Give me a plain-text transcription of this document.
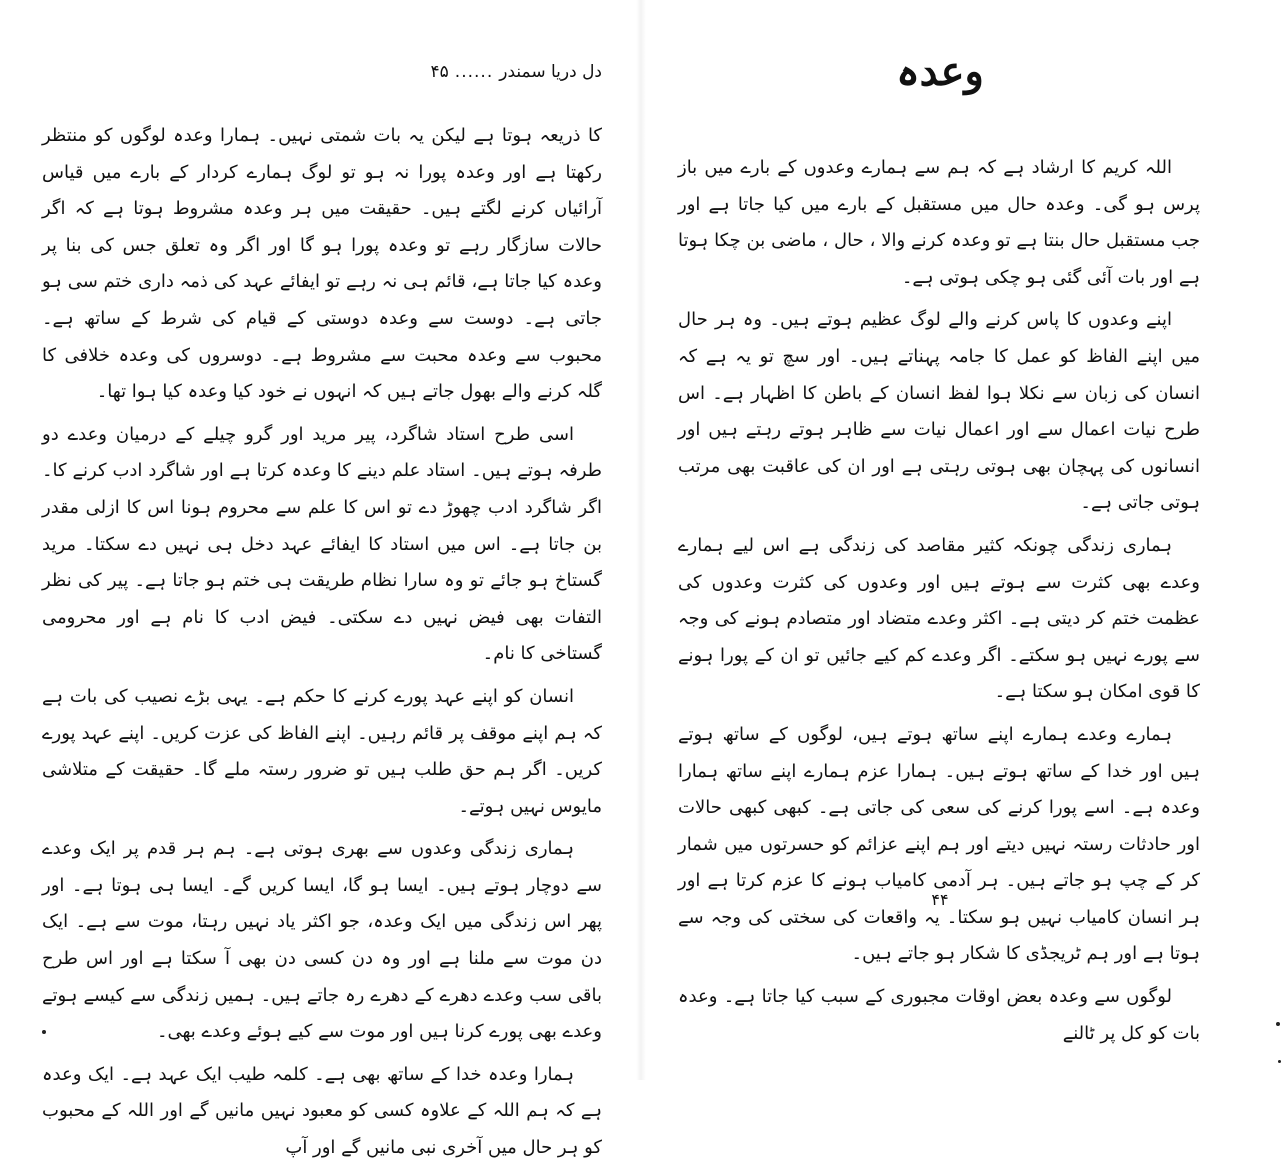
دل دریا سمندر
......
۴۵

کا ذریعہ ہوتا ہے لیکن یہ بات شمتی نہیں۔ ہمارا وعدہ لوگوں کو منتظر رکھتا ہے اور وعدہ پورا نہ ہو تو لوگ ہمارے کردار کے بارے میں قیاس آرائیاں کرنے لگتے ہیں۔ حقیقت میں ہر وعدہ مشروط ہوتا ہے کہ اگر حالات سازگار رہے تو وعدہ پورا ہو گا اور اگر وہ تعلق جس کی بنا پر وعدہ کیا جاتا ہے، قائم ہی نہ رہے تو ایفائے عہد کی ذمہ داری ختم سی ہو جاتی ہے۔ دوست سے وعدہ دوستی کے قیام کی شرط کے ساتھ ہے۔ محبوب سے وعدہ محبت سے مشروط ہے۔ دوسروں کی وعدہ خلافی کا گلہ کرنے والے بھول جاتے ہیں کہ انہوں نے خود کیا وعدہ کیا ہوا تھا۔

اسی طرح استاد شاگرد، پیر مرید اور گرو چیلے کے درمیان وعدے دو طرفہ ہوتے ہیں۔ استاد علم دینے کا وعدہ کرتا ہے اور شاگرد ادب کرنے کا۔ اگر شاگرد ادب چھوڑ دے تو اس کا علم سے محروم ہونا اس کا ازلی مقدر بن جاتا ہے۔ اس میں استاد کا ایفائے عہد دخل ہی نہیں دے سکتا۔ مرید گستاخ ہو جائے تو وہ سارا نظام طریقت ہی ختم ہو جاتا ہے۔ پیر کی نظر التفات بھی فیض نہیں دے سکتی۔ فیض ادب کا نام ہے اور محرومی گستاخی کا نام۔

انسان کو اپنے عہد پورے کرنے کا حکم ہے۔ یہی بڑے نصیب کی بات ہے کہ ہم اپنے موقف پر قائم رہیں۔ اپنے الفاظ کی عزت کریں۔ اپنے عہد پورے کریں۔ اگر ہم حق طلب ہیں تو ضرور رستہ ملے گا۔ حقیقت کے متلاشی مایوس نہیں ہوتے۔

ہماری زندگی وعدوں سے بھری ہوتی ہے۔ ہم ہر قدم پر ایک وعدے سے دوچار ہوتے ہیں۔ ایسا ہو گا، ایسا کریں گے۔ ایسا ہی ہوتا ہے۔ اور پھر اس زندگی میں ایک وعدہ، جو اکثر یاد نہیں رہتا، موت سے ہے۔ ایک دن موت سے ملنا ہے اور وہ دن کسی دن بھی آ سکتا ہے اور اس طرح باقی سب وعدے دھرے کے دھرے رہ جاتے ہیں۔ ہمیں زندگی سے کیسے ہوتے وعدے بھی پورے کرنا ہیں اور موت سے کیے ہوئے وعدے بھی۔

ہمارا وعدہ خدا کے ساتھ بھی ہے۔ کلمہ طیب ایک عہد ہے۔ ایک وعدہ ہے کہ ہم اللہ کے علاوہ کسی کو معبود نہیں مانیں گے اور اللہ کے محبوب کو ہر حال میں آخری نبی مانیں گے اور آپ

وعدہ

اللہ کریم کا ارشاد ہے کہ ہم سے ہمارے وعدوں کے بارے میں باز پرس ہو گی۔ وعدہ حال میں مستقبل کے بارے میں کیا جاتا ہے اور جب مستقبل حال بنتا ہے تو وعدہ کرنے والا ، حال ، ماضی بن چکا ہوتا ہے اور بات آئی گئی ہو چکی ہوتی ہے۔

اپنے وعدوں کا پاس کرنے والے لوگ عظیم ہوتے ہیں۔ وہ ہر حال میں اپنے الفاظ کو عمل کا جامہ پہناتے ہیں۔ اور سچ تو یہ ہے کہ انسان کی زبان سے نکلا ہوا لفظ انسان کے باطن کا اظہار ہے۔ اس طرح نیات اعمال سے اور اعمال نیات سے ظاہر ہوتے رہتے ہیں اور انسانوں کی پہچان بھی ہوتی رہتی ہے اور ان کی عاقبت بھی مرتب ہوتی جاتی ہے۔

ہماری زندگی چونکہ کثیر مقاصد کی زندگی ہے اس لیے ہمارے وعدے بھی کثرت سے ہوتے ہیں اور وعدوں کی کثرت وعدوں کی عظمت ختم کر دیتی ہے۔ اکثر وعدے متضاد اور متصادم ہونے کی وجہ سے پورے نہیں ہو سکتے۔ اگر وعدے کم کیے جائیں تو ان کے پورا ہونے کا قوی امکان ہو سکتا ہے۔

ہمارے وعدے ہمارے اپنے ساتھ ہوتے ہیں، لوگوں کے ساتھ ہوتے ہیں اور خدا کے ساتھ ہوتے ہیں۔ ہمارا عزم ہمارے اپنے ساتھ ہمارا وعدہ ہے۔ اسے پورا کرنے کی سعی کی جاتی ہے۔ کبھی کبھی حالات اور حادثات رستہ نہیں دیتے اور ہم اپنے عزائم کو حسرتوں میں شمار کر کے چپ ہو جاتے ہیں۔ ہر آدمی کامیاب ہونے کا عزم کرتا ہے اور ہر انسان کامیاب نہیں ہو سکتا۔ یہ واقعات کی سختی کی وجہ سے ہوتا ہے اور ہم ٹریجڈی کا شکار ہو جاتے ہیں۔

لوگوں سے وعدہ بعض اوقات مجبوری کے سبب کیا جاتا ہے۔ وعدہ بات کو کل پر ٹالنے

۴۴
